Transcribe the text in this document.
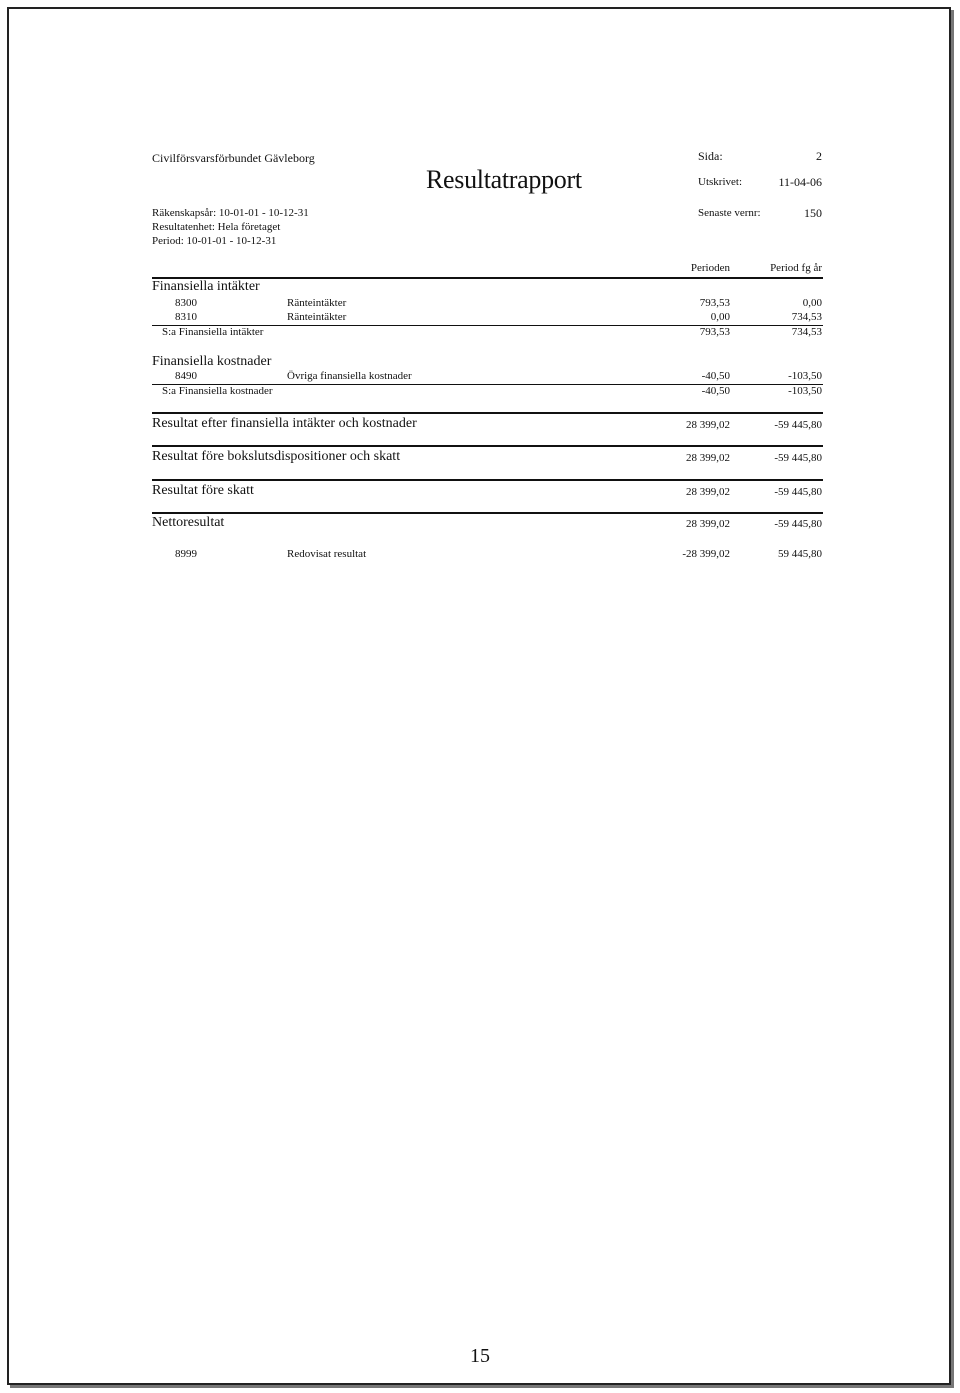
Civilförsvarsförbundet Gävleborg
Resultatrapport
Sida:	2
Utskrivet:	11-04-06
Räkenskapsår: 10-01-01 - 10-12-31
Resultatenhet: Hela företaget
Period: 10-01-01 - 10-12-31
Senaste vernr:	150
Perioden	Period fg år
Finansiella intäkter
8300	Ränteintäkter	793,53	0,00
8310	Ränteintäkter	0,00	734,53
S:a Finansiella intäkter	793,53	734,53
Finansiella kostnader
8490	Övriga finansiella kostnader	-40,50	-103,50
S:a Finansiella kostnader	-40,50	-103,50
Resultat efter finansiella intäkter och kostnader	28 399,02	-59 445,80
Resultat före bokslutsdispositioner och skatt	28 399,02	-59 445,80
Resultat före skatt	28 399,02	-59 445,80
Nettoresultat	28 399,02	-59 445,80
8999	Redovisat resultat	-28 399,02	59 445,80
15
